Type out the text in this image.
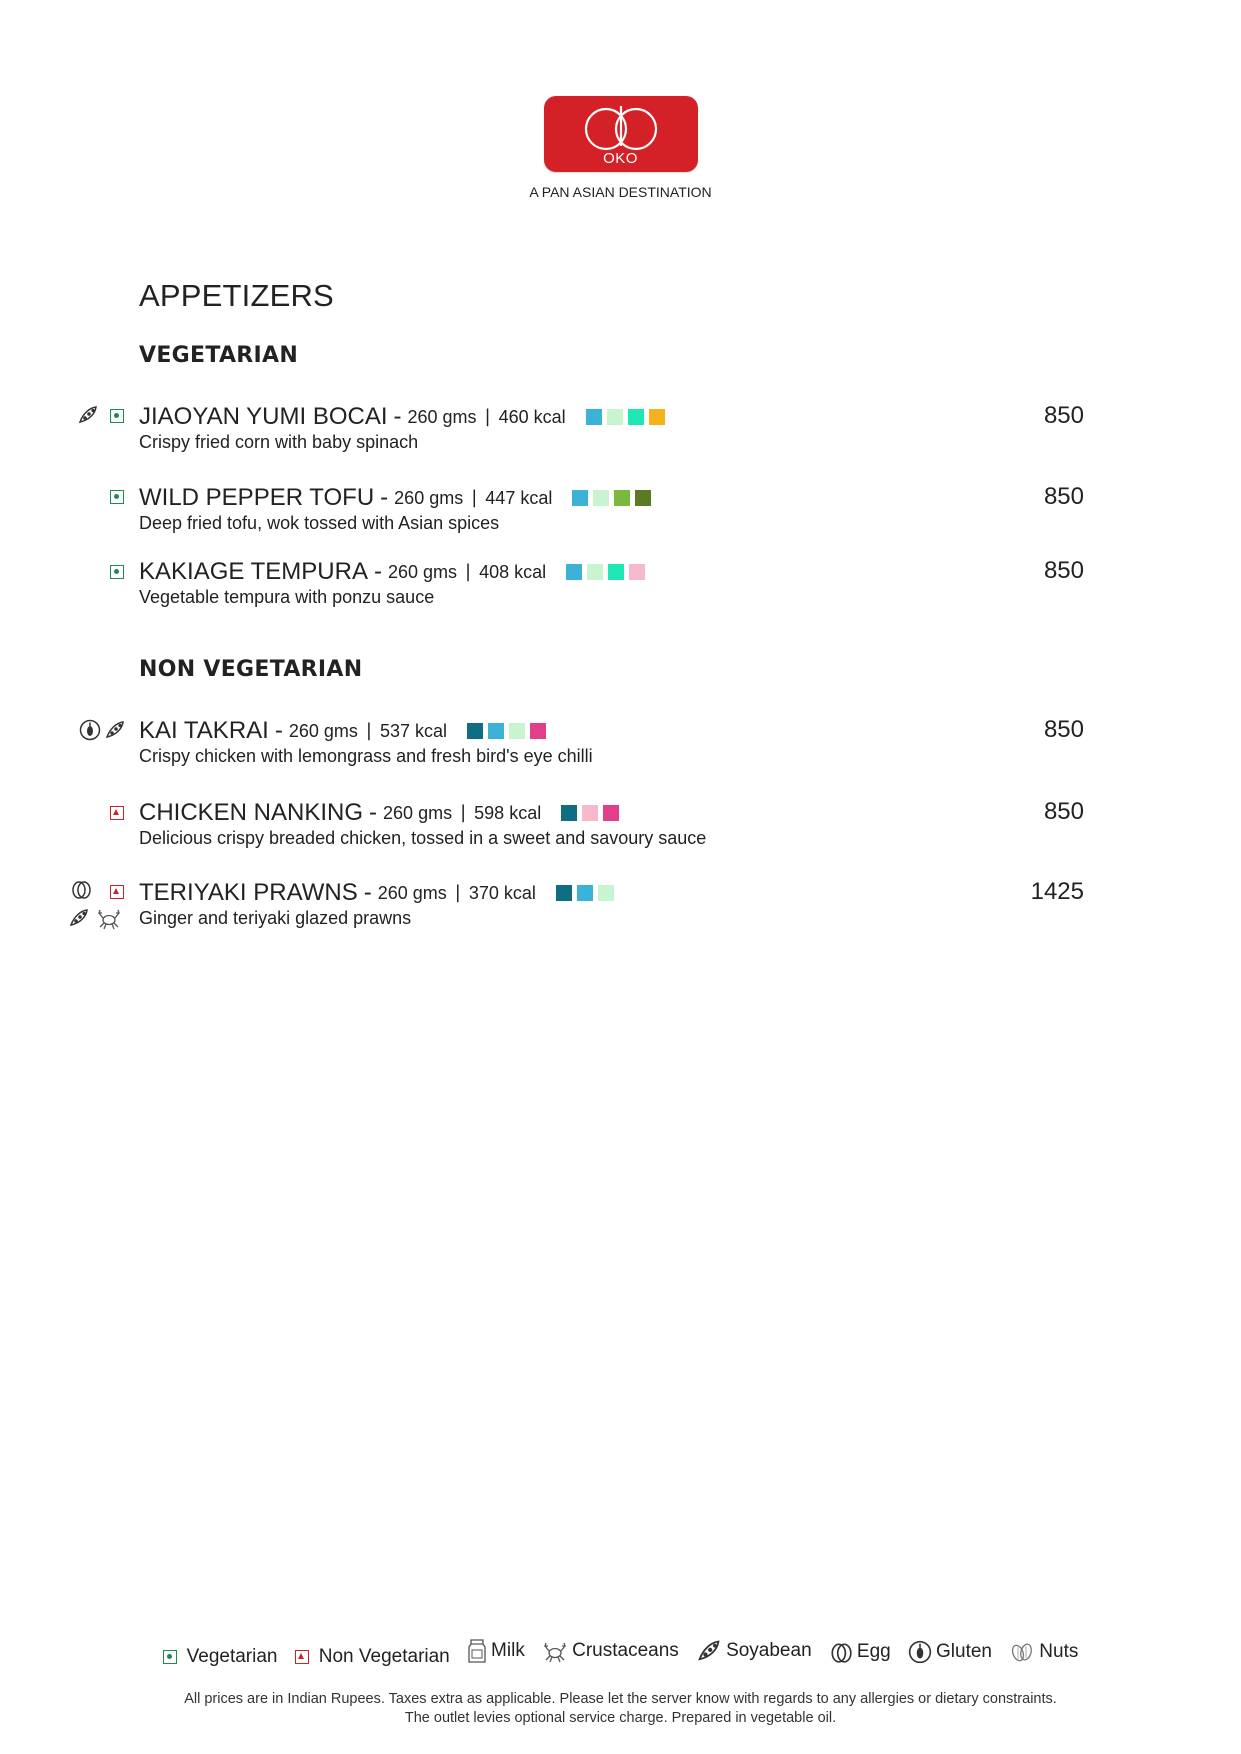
OKO
A PAN ASIAN DESTINATION
APPETIZERS
VEGETARIAN
NON VEGETARIAN
JIAOYAN YUMI BOCAI - 260 gms | 460 kcal
Crispy fried corn with baby spinach
850
WILD PEPPER TOFU - 260 gms | 447 kcal
Deep fried tofu, wok tossed with Asian spices
850
KAKIAGE TEMPURA - 260 gms | 408 kcal
Vegetable tempura with ponzu sauce
850
KAI TAKRAI - 260 gms | 537 kcal
Crispy chicken with lemongrass and fresh bird's eye chilli
850
CHICKEN NANKING - 260 gms | 598 kcal
Delicious crispy breaded chicken, tossed in a sweet and savoury sauce
850
TERIYAKI PRAWNS - 260 gms | 370 kcal
Ginger and teriyaki glazed prawns
1425
Vegetarian
Non Vegetarian
Milk
Crustaceans
Soyabean
Egg
Gluten
Nuts
All prices are in Indian Rupees. Taxes extra as applicable. Please let the server know with regards to any allergies or dietary constraints.
The outlet levies optional service charge. Prepared in vegetable oil.
